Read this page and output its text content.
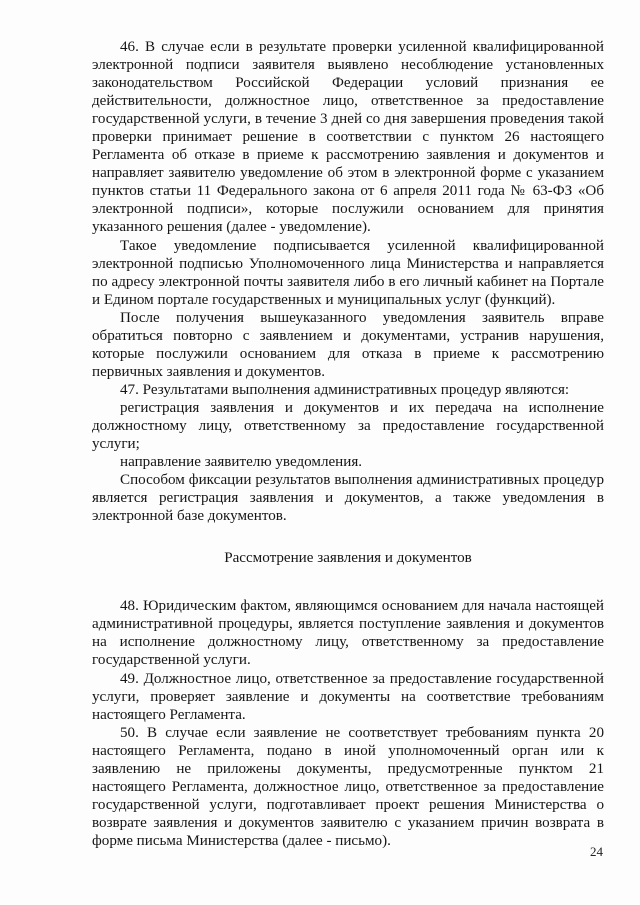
46. В случае если в результате проверки усиленной квалифицированной электронной подписи заявителя выявлено несоблюдение установленных законодательством Российской Федерации условий признания ее действительности, должностное лицо, ответственное за предоставление государственной услуги, в течение 3 дней со дня завершения проведения такой проверки принимает решение в соответствии с пунктом 26 настоящего Регламента об отказе в приеме к рассмотрению заявления и документов и направляет заявителю уведомление об этом в электронной форме с указанием пунктов статьи 11 Федерального закона от 6 апреля 2011 года № 63-ФЗ «Об электронной подписи», которые послужили основанием для принятия указанного решения (далее - уведомление).

Такое уведомление подписывается усиленной квалифицированной электронной подписью Уполномоченного лица Министерства и направляется по адресу электронной почты заявителя либо в его личный кабинет на Портале и Едином портале государственных и муниципальных услуг (функций).

После получения вышеуказанного уведомления заявитель вправе обратиться повторно с заявлением и документами, устранив нарушения, которые послужили основанием для отказа в приеме к рассмотрению первичных заявления и документов.

47. Результатами выполнения административных процедур являются:

регистрация заявления и документов и их передача на исполнение должностному лицу, ответственному за предоставление государственной услуги;

направление заявителю уведомления.

Способом фиксации результатов выполнения административных процедур является регистрация заявления и документов, а также уведомления в электронной базе документов.

Рассмотрение заявления и документов

48. Юридическим фактом, являющимся основанием для начала настоящей административной процедуры, является поступление заявления и документов на исполнение должностному лицу, ответственному за предоставление государственной услуги.

49. Должностное лицо, ответственное за предоставление государственной услуги, проверяет заявление и документы на соответствие требованиям настоящего Регламента.

50. В случае если заявление не соответствует требованиям пункта 20 настоящего Регламента, подано в иной уполномоченный орган или к заявлению не приложены документы, предусмотренные пунктом 21 настоящего Регламента, должностное лицо, ответственное за предоставление государственной услуги, подготавливает проект решения Министерства о возврате заявления и документов заявителю с указанием причин возврата в форме письма Министерства (далее - письмо).

24
